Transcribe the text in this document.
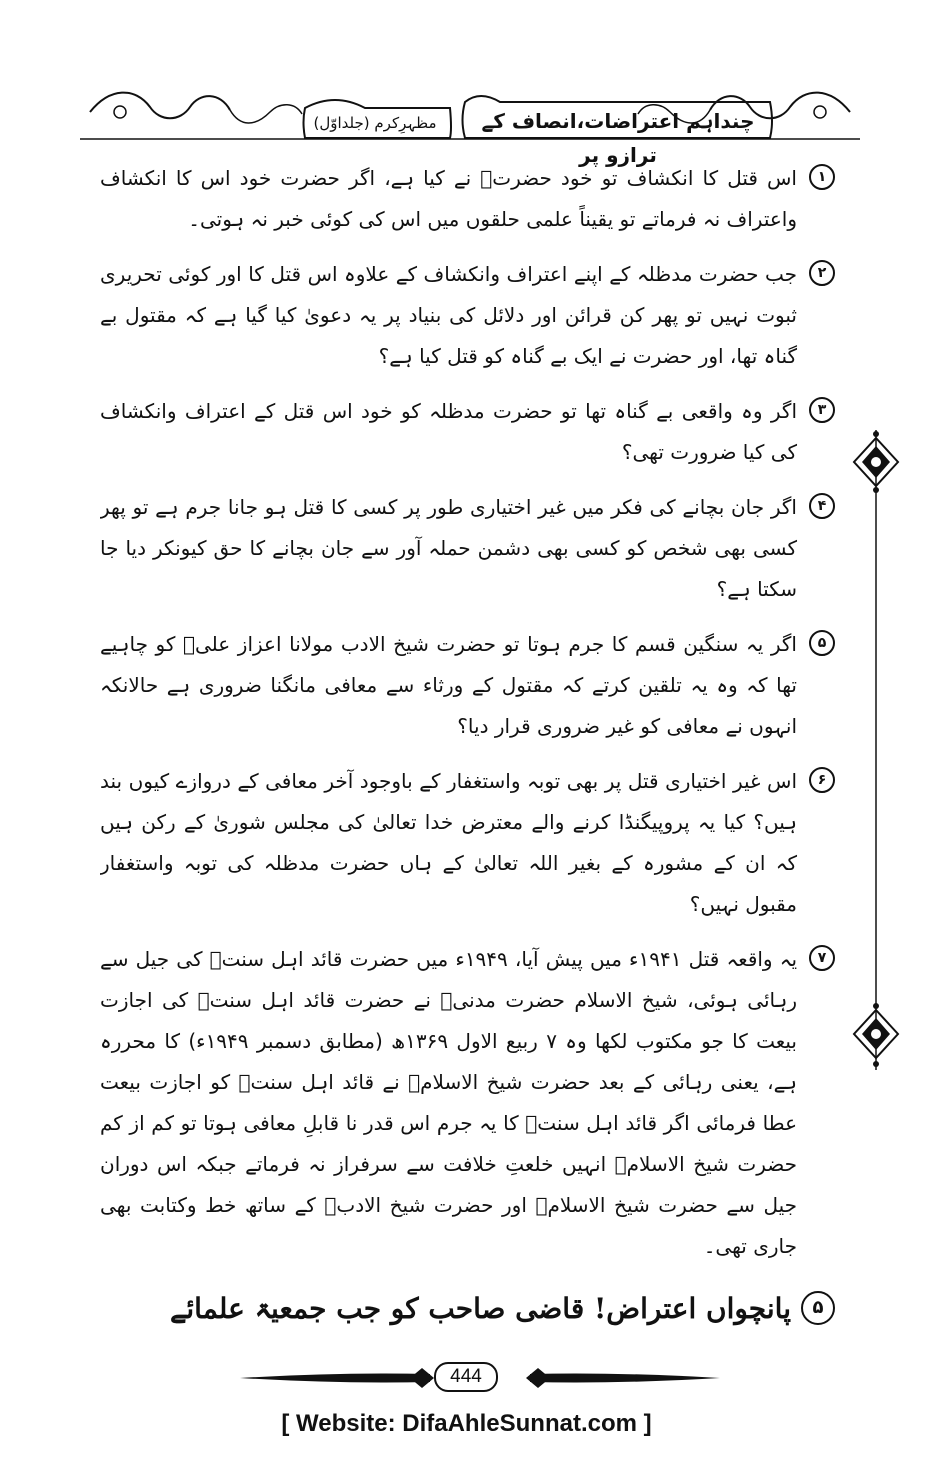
مظہرِکرم (جلداوّل)	چنداہم اعتراضات،انصاف کے ترازو پر
۱
اس قتل کا انکشاف تو خود حضرتؒ نے کیا ہے، اگر حضرت خود اس کا انکشاف واعتراف نہ فرماتے تو یقیناً علمی حلقوں میں اس کی کوئی خبر نہ ہوتی۔
۲
جب حضرت مدظلہ کے اپنے اعتراف وانکشاف کے علاوہ اس قتل کا اور کوئی تحریری ثبوت نہیں تو پھر کن قرائن اور دلائل کی بنیاد پر یہ دعویٰ کیا گیا ہے کہ مقتول بے گناہ تھا، اور حضرت نے ایک بے گناہ کو قتل کیا ہے؟
۳
اگر وہ واقعی بے گناہ تھا تو حضرت مدظلہ کو خود اس قتل کے اعتراف وانکشاف کی کیا ضرورت تھی؟
۴
اگر جان بچانے کی فکر میں غیر اختیاری طور پر کسی کا قتل ہو جانا جرم ہے تو پھر کسی بھی شخص کو کسی بھی دشمن حملہ آور سے جان بچانے کا حق کیونکر دیا جا سکتا ہے؟
۵
اگر یہ سنگین قسم کا جرم ہوتا تو حضرت شیخ الادب مولانا اعزاز علیؒ کو چاہیے تھا کہ وہ یہ تلقین کرتے کہ مقتول کے ورثاء سے معافی مانگنا ضروری ہے حالانکہ انہوں نے معافی کو غیر ضروری قرار دیا؟
۶
اس غیر اختیاری قتل پر بھی توبہ واستغفار کے باوجود آخر معافی کے دروازے کیوں بند ہیں؟ کیا یہ پروپیگنڈا کرنے والے معترض خدا تعالیٰ کی مجلس شوریٰ کے رکن ہیں کہ ان کے مشورہ کے بغیر اللہ تعالیٰ کے ہاں حضرت مدظلہ کی توبہ واستغفار مقبول نہیں؟
۷
یہ واقعہ قتل ۱۹۴۱ء میں پیش آیا، ۱۹۴۹ء میں حضرت قائد اہل سنتؒ کی جیل سے رہائی ہوئی، شیخ الاسلام حضرت مدنیؒ نے حضرت قائد اہل سنتؒ کی اجازت بیعت کا جو مکتوب لکھا وہ ۷ ربیع الاول ۱۳۶۹ھ (مطابق دسمبر ۱۹۴۹ء) کا محررہ ہے، یعنی رہائی کے بعد حضرت شیخ الاسلامؒ نے قائد اہل سنتؒ کو اجازت بیعت عطا فرمائی اگر قائد اہل سنتؒ کا یہ جرم اس قدر نا قابلِ معافی ہوتا تو کم از کم حضرت شیخ الاسلامؒ انہیں خلعتِ خلافت سے سرفراز نہ فرماتے جبکہ اس دوران جیل سے حضرت شیخ الاسلامؒ اور حضرت شیخ الادبؒ کے ساتھ خط وکتابت بھی جاری تھی۔
۵
پانچواں اعتراض! قاضی صاحب کو جب جمعیۃ علمائے
444
[ Website: DifaAhleSunnat.com ]
